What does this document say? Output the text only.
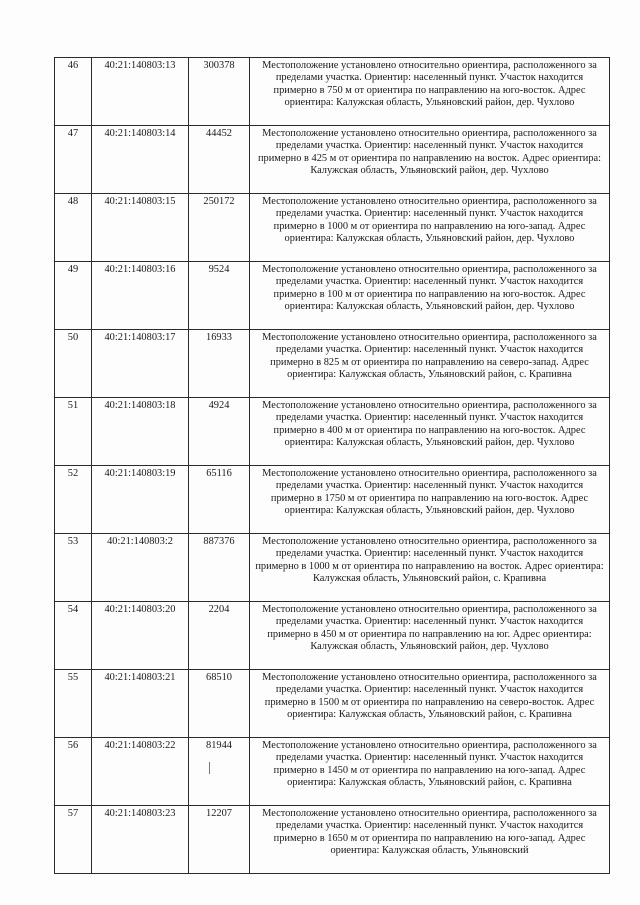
46	40:21:140803:13	300378	Местоположение установлено относительно ориентира, расположенного за пределами участка. Ориентир: населенный пункт. Участок находится примерно в 750 м от ориентира по направлению на юго-восток. Адрес ориентира: Калужская область, Ульяновский район, дер. Чухлово
47	40:21:140803:14	44452	Местоположение установлено относительно ориентира, расположенного за пределами участка. Ориентир: населенный пункт. Участок находится примерно в 425 м от ориентира по направлению на восток. Адрес ориентира: Калужская область, Ульяновский район, дер. Чухлово
48	40:21:140803:15	250172	Местоположение установлено относительно ориентира, расположенного за пределами участка. Ориентир: населенный пункт. Участок находится примерно в 1000 м от ориентира по направлению на юго-запад. Адрес ориентира: Калужская область, Ульяновский район, дер. Чухлово
49	40:21:140803:16	9524	Местоположение установлено относительно ориентира, расположенного за пределами участка. Ориентир: населенный пункт. Участок находится примерно в 100 м от ориентира по направлению на юго-восток. Адрес ориентира: Калужская область, Ульяновский район, дер. Чухлово
50	40:21:140803:17	16933	Местоположение установлено относительно ориентира, расположенного за пределами участка. Ориентир: населенный пункт. Участок находится примерно в 825 м от ориентира по направлению на северо-запад. Адрес ориентира: Калужская область, Ульяновский район, с. Крапивна
51	40:21:140803:18	4924	Местоположение установлено относительно ориентира, расположенного за пределами участка. Ориентир: населенный пункт. Участок находится примерно в 400 м от ориентира по направлению на юго-восток. Адрес ориентира: Калужская область, Ульяновский район, дер. Чухлово
52	40:21:140803:19	65116	Местоположение установлено относительно ориентира, расположенного за пределами участка. Ориентир: населенный пункт. Участок находится примерно в 1750 м от ориентира по направлению на юго-восток. Адрес ориентира: Калужская область, Ульяновский район, дер. Чухлово
53	40:21:140803:2	887376	Местоположение установлено относительно ориентира, расположенного за пределами участка. Ориентир: населенный пункт. Участок находится примерно в 1000 м от ориентира по направлению на восток. Адрес ориентира: Калужская область, Ульяновский район, с. Крапивна
54	40:21:140803:20	2204	Местоположение установлено относительно ориентира, расположенного за пределами участка. Ориентир: населенный пункт. Участок находится примерно в 450 м от ориентира по направлению на юг. Адрес ориентира: Калужская область, Ульяновский район, дер. Чухлово
55	40:21:140803:21	68510	Местоположение установлено относительно ориентира, расположенного за пределами участка. Ориентир: населенный пункт. Участок находится примерно в 1500 м от ориентира по направлению на северо-восток. Адрес ориентира: Калужская область, Ульяновский район, с. Крапивна
56	40:21:140803:22	81944	Местоположение установлено относительно ориентира, расположенного за пределами участка. Ориентир: населенный пункт. Участок находится примерно в 1450 м от ориентира по направлению на юго-запад. Адрес ориентира: Калужская область, Ульяновский район, с. Крапивна
57	40:21:140803:23	12207	Местоположение установлено относительно ориентира, расположенного за пределами участка. Ориентир: населенный пункт. Участок находится примерно в 1650 м от ориентира по направлению на юго-запад. Адрес ориентира: Калужская область, Ульяновский
